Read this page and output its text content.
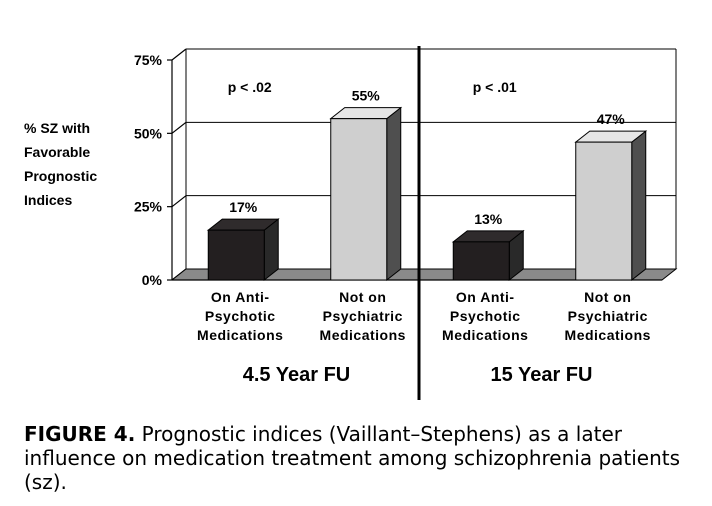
0%
25%
50%
75%
p < .02
17%
On Anti-
Psychotic
Medications
55%
Not on
Psychiatric
Medications
4.5 Year FU
p < .01
13%
On Anti-
Psychotic
Medications
47%
Not on
Psychiatric
Medications
15 Year FU
% SZ with
Favorable
Prognostic
Indices
FIGURE 4. Prognostic indices (Vaillant–Stephens) as a later influence on medication treatment among schizophrenia patients (sz).
